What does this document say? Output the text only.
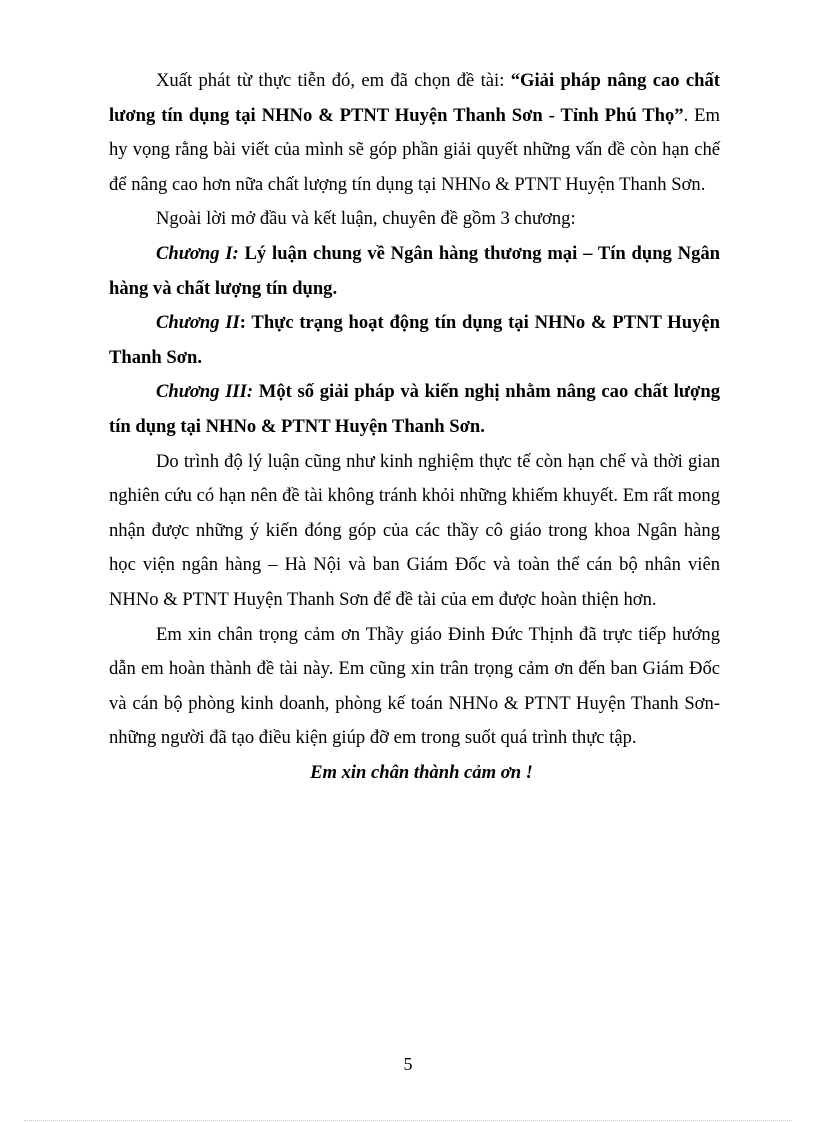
Xuất phát từ thực tiễn đó, em đã chọn đề tài: “Giải pháp nâng cao chất lương tín dụng tại NHNo & PTNT Huyện Thanh Sơn - Tỉnh Phú Thọ”. Em hy vọng rằng bài viết của mình sẽ góp phần giải quyết những vấn đề còn hạn chế để nâng cao hơn nữa chất lượng tín dụng tại NHNo & PTNT Huyện Thanh Sơn.

Ngoài lời mở đầu và kết luận, chuyên đề gồm 3 chương:

Chương I: Lý luận chung về Ngân hàng thương mại – Tín dụng Ngân hàng và chất lượng tín dụng.

Chương II: Thực trạng hoạt động tín dụng tại NHNo & PTNT Huyện Thanh Sơn.

Chương III: Một số giải pháp và kiến nghị nhằm nâng cao chất lượng tín dụng tại NHNo & PTNT Huyện Thanh Sơn.

Do trình độ lý luận cũng như kinh nghiệm thực tế còn hạn chế và thời gian nghiên cứu có hạn nên đề tài không tránh khỏi những khiếm khuyết. Em rất mong nhận được những ý kiến đóng góp của các thầy cô giáo trong khoa Ngân hàng học viện ngân hàng – Hà Nội và ban Giám Đốc và toàn thể cán bộ nhân viên NHNo & PTNT Huyện Thanh Sơn để đề tài của em được hoàn thiện hơn.

Em xin chân trọng cảm ơn Thầy giáo Đinh Đức Thịnh đã trực tiếp hướng dẫn em hoàn thành đề tài này. Em cũng xin trân trọng cảm ơn đến ban Giám Đốc và cán bộ phòng kinh doanh, phòng kế toán NHNo & PTNT Huyện Thanh Sơn- những người đã tạo điều kiện giúp đỡ em trong suốt quá trình thực tập.

Em xin chân thành cảm ơn !

5
